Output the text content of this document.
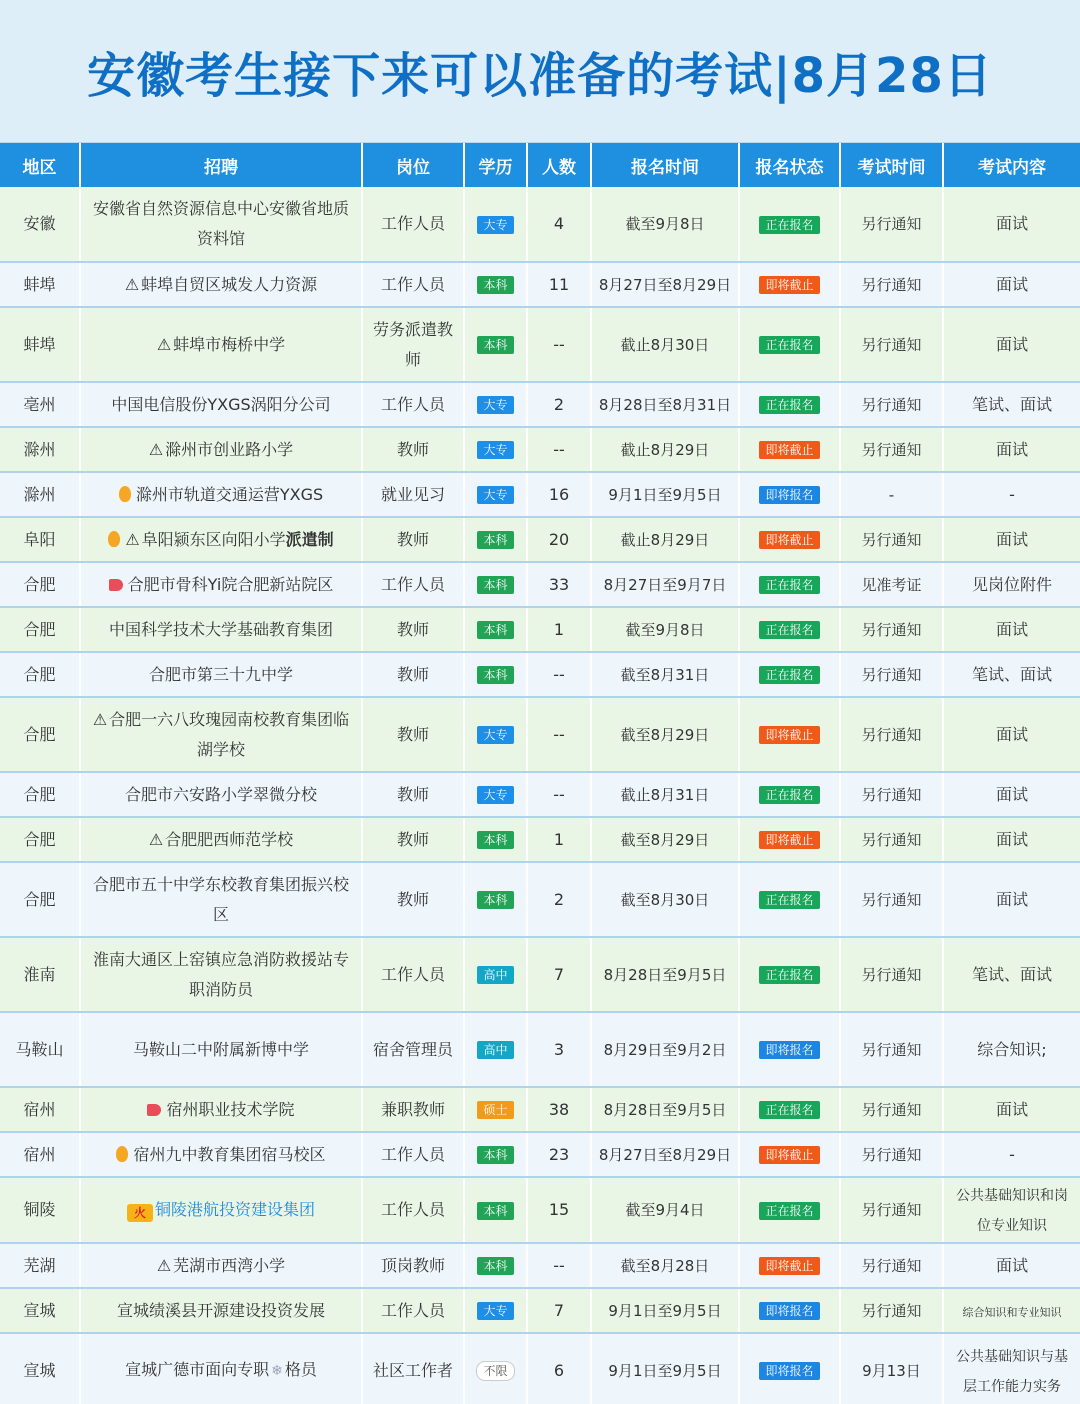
安徽考生接下来可以准备的考试|8月28日
地区	招聘	岗位	学历	人数	报名时间	报名状态	考试时间	考试内容
安徽	安徽省自然资源信息中心安徽省地质资料馆	工作人员	大专	4	截至9月8日	正在报名	另行通知	面试
蚌埠	⚠ 蚌埠自贸区城发人力资源	工作人员	本科	11	8月27日至8月29日	即将截止	另行通知	面试
蚌埠	⚠ 蚌埠市梅桥中学	劳务派遣教师	本科	--	截止8月30日	正在报名	另行通知	面试
亳州	中国电信股份YXGS涡阳分公司	工作人员	大专	2	8月28日至8月31日	正在报名	另行通知	笔试、面试
滁州	⚠ 滁州市创业路小学	教师	大专	--	截止8月29日	即将截止	另行通知	面试
滁州	滁州市轨道交通运营YXGS	就业见习	大专	16	9月1日至9月5日	即将报名	-	-
阜阳	⚠ 阜阳颍东区向阳小学派遣制	教师	本科	20	截止8月29日	即将截止	另行通知	面试
合肥	合肥市骨科Yi院合肥新站院区	工作人员	本科	33	8月27日至9月7日	正在报名	见准考证	见岗位附件
合肥	中国科学技术大学基础教育集团	教师	本科	1	截至9月8日	正在报名	另行通知	面试
合肥	合肥市第三十九中学	教师	本科	--	截至8月31日	正在报名	另行通知	笔试、面试
合肥	⚠ 合肥一六八玫瑰园南校教育集团临湖学校	教师	大专	--	截至8月29日	即将截止	另行通知	面试
合肥	合肥市六安路小学翠微分校	教师	大专	--	截止8月31日	正在报名	另行通知	面试
合肥	⚠ 合肥肥西师范学校	教师	本科	1	截至8月29日	即将截止	另行通知	面试
合肥	合肥市五十中学东校教育集团振兴校区	教师	本科	2	截至8月30日	正在报名	另行通知	面试
淮南	淮南大通区上窑镇应急消防救援站专职消防员	工作人员	高中	7	8月28日至9月5日	正在报名	另行通知	笔试、面试
马鞍山	马鞍山二中附属新博中学	宿舍管理员	高中	3	8月29日至9月2日	即将报名	另行通知	综合知识;
宿州	宿州职业技术学院	兼职教师	硕士	38	8月28日至9月5日	正在报名	另行通知	面试
宿州	宿州九中教育集团宿马校区	工作人员	本科	23	8月27日至8月29日	即将截止	另行通知	-
铜陵	火 铜陵港航投资建设集团	工作人员	本科	15	截至9月4日	正在报名	另行通知	公共基础知识和岗位专业知识
芜湖	⚠ 芜湖市西湾小学	顶岗教师	本科	--	截至8月28日	即将截止	另行通知	面试
宣城	宣城绩溪县开源建设投资发展	工作人员	大专	7	9月1日至9月5日	即将报名	另行通知	综合知识和专业知识
宣城	宣城广德市面向专职 ❄ 格员	社区工作者	不限	6	9月1日至9月5日	即将报名	9月13日	公共基础知识与基层工作能力实务
